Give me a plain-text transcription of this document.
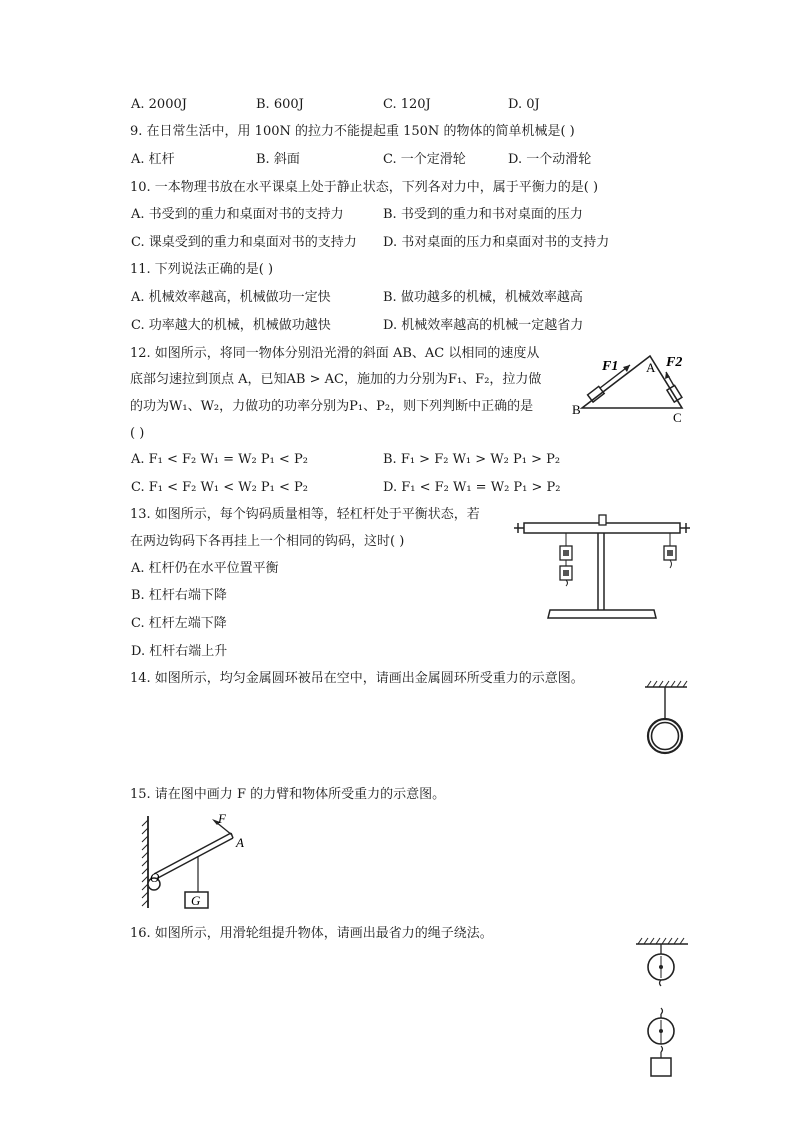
A. 2000J	B. 600J	C. 120J	D. 0J
9. 在日常生活中，用 100N 的拉力不能提起重 150N 的物体的简单机械是( )
A. 杠杆	B. 斜面	C. 一个定滑轮	D. 一个动滑轮
10. 一本物理书放在水平课桌上处于静止状态，下列各对力中，属于平衡力的是( )
A. 书受到的重力和桌面对书的支持力	B. 书受到的重力和书对桌面的压力
C. 课桌受到的重力和桌面对书的支持力 D. 书对桌面的压力和桌面对书的支持力
11. 下列说法正确的是( )
A. 机械效率越高，机械做功一定快	B. 做功越多的机械，机械效率越高
C. 功率越大的机械，机械做功越快	D. 机械效率越高的机械一定越省力
12. 如图所示，将同一物体分别沿光滑的斜面 AB、AC 以相同的速度从
底部匀速拉到顶点 A，已知AB > AC，施加的力分别为F₁、F₂，拉力做
的功为W₁、W₂，力做功的功率分别为P₁、P₂，则下列判断中正确的是
( )
A. F₁ < F₂ W₁ = W₂ P₁ < P₂	B. F₁ > F₂ W₁ > W₂ P₁ > P₂
C. F₁ < F₂ W₁ < W₂ P₁ < P₂	D. F₁ < F₂ W₁ = W₂ P₁ > P₂
F1	F2
A
B
C
13. 如图所示，每个钩码质量相等，轻杠杆处于平衡状态，若
在两边钩码下各再挂上一个相同的钩码，这时( )
A. 杠杆仍在水平位置平衡
B. 杠杆右端下降
C. 杠杆左端下降
D. 杠杆右端上升
14. 如图所示，均匀金属圆环被吊在空中，请画出金属圆环所受重力的示意图。
15. 请在图中画力 F 的力臂和物体所受重力的示意图。
F
A
O
G
16. 如图所示，用滑轮组提升物体，请画出最省力的绳子绕法。
